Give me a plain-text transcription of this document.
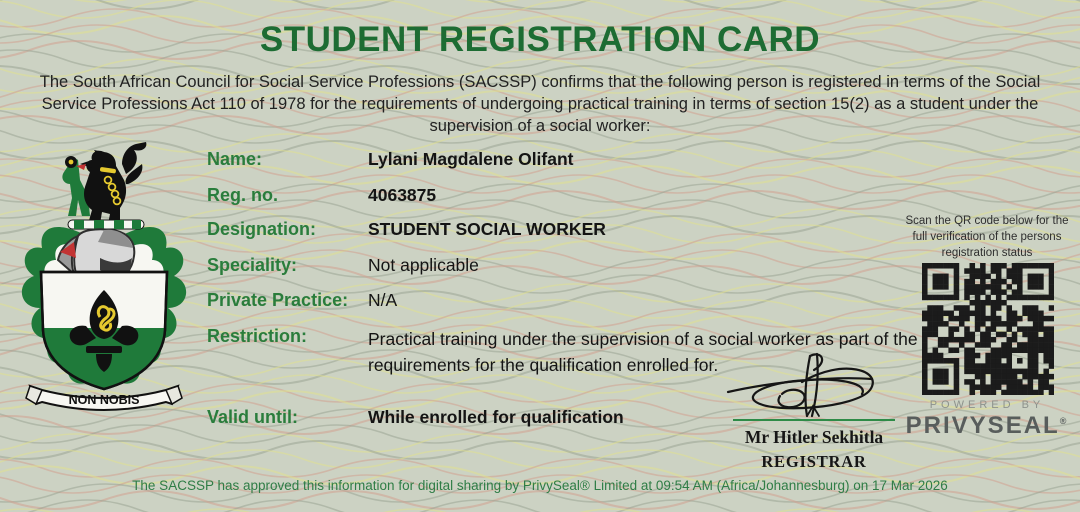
STUDENT REGISTRATION CARD

The South African Council for Social Service Professions (SACSSP) confirms that the following person is registered in terms of the Social Service Professions Act 110 of 1978 for the requirements of undergoing practical training in terms of section 15(2) as a student under the supervision of a social worker:

NON NOBIS
Name:	Lylani Magdalene Olifant
Reg. no.	4063875
Designation:	STUDENT SOCIAL WORKER
Speciality:	Not applicable
Private Practice: N/A
Restriction:	Practical training under the supervision of a social worker as part of the requirements for the qualification enrolled for.
Valid until:	While enrolled for qualification
Scan the QR code below for the full verification of the persons registration status
POWERED BY
PRIVYSEAL®
Mr Hitler Sekhitla
REGISTRAR
The SACSSP has approved this information for digital sharing by PrivySeal® Limited at 09:54 AM (Africa/Johannesburg) on 17 Mar 2026
